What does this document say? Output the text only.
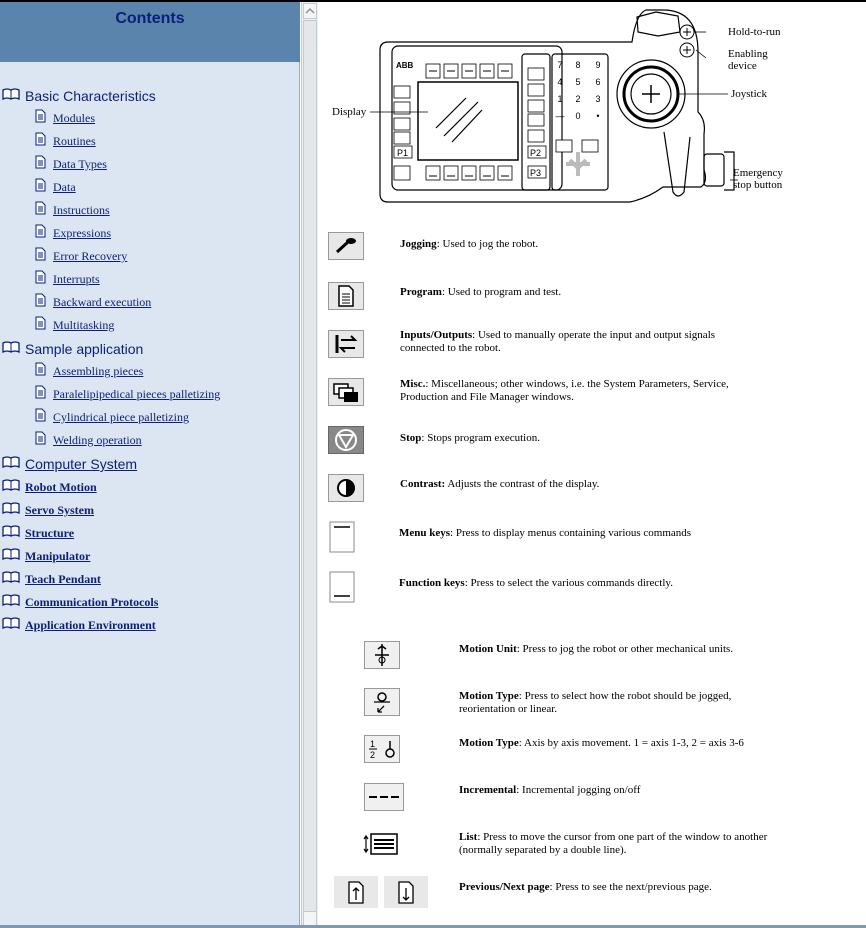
Contents
Basic Characteristics
Modules
Routines
Data Types
Data
Instructions
Expressions
Error Recovery
Interrupts
Backward execution
Multitasking
Sample application
Assembling pieces
Paralelipipedical pieces palletizing
Cylindrical piece palletizing
Welding operation
Computer System
Robot Motion
Servo System
Structure
Manipulator
Teach Pendant
Communication Protocols
Application Environment
P1	P2
P3
ABB	7 8 9
4 5 6
1 2 3
— 0 •
Hold-to-run
Enabling device
Joystick
Emergency stop button
Display
Jogging: Used to jog the robot.
Program: Used to program and test.
Inputs/Outputs: Used to manually operate the input and output signals connected to the robot.
Misc.: Miscellaneous; other windows, i.e. the System Parameters, Service, Production and File Manager windows.
Stop: Stops program execution.
Contrast: Adjusts the contrast of the display.
Menu keys: Press to display menus containing various commands
Function keys: Press to select the various commands directly.
Motion Unit: Press to jog the robot or other mechanical units.
Motion Type: Press to select how the robot should be jogged, reorientation or linear.
1
2
Motion Type: Axis by axis movement. 1 = axis 1-3, 2 = axis 3-6
Incremental: Incremental jogging on/off
List: Press to move the cursor from one part of the window to another (normally separated by a double line).
Previous/Next page: Press to see the next/previous page.
